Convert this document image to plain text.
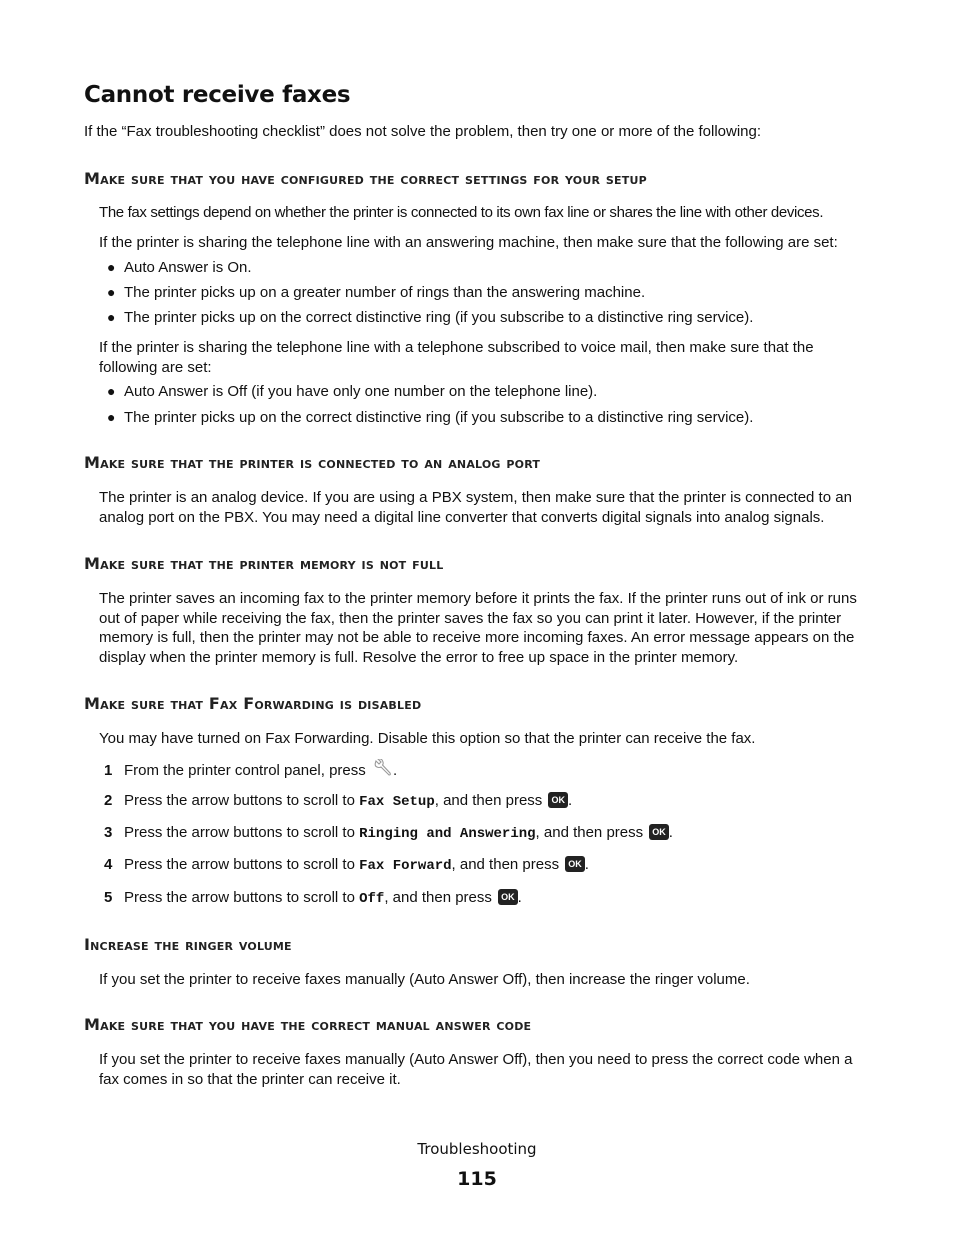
Cannot receive faxes

If the “Fax troubleshooting checklist” does not solve the problem, then try one or more of the following:

Make sure that you have configured the correct settings for your setup

The fax settings depend on whether the printer is connected to its own fax line or shares the line with other devices.

If the printer is sharing the telephone line with an answering machine, then make sure that the following are set:

● Auto Answer is On.
● The printer picks up on a greater number of rings than the answering machine.
● The printer picks up on the correct distinctive ring (if you subscribe to a distinctive ring service).

If the printer is sharing the telephone line with a telephone subscribed to voice mail, then make sure that the following are set:

● Auto Answer is Off (if you have only one number on the telephone line).
● The printer picks up on the correct distinctive ring (if you subscribe to a distinctive ring service).
Make sure that the printer is connected to an analog port

The printer is an analog device. If you are using a PBX system, then make sure that the printer is connected to an analog port on the PBX. You may need a digital line converter that converts digital signals into analog signals.

Make sure that the printer memory is not full

The printer saves an incoming fax to the printer memory before it prints the fax. If the printer runs out of ink or runs out of paper while receiving the fax, then the printer saves the fax so you can print it later. However, if the printer memory is full, then the printer may not be able to receive more incoming faxes. An error message appears on the display when the printer memory is full. Resolve the error to free up space in the printer memory.

Make sure that Fax Forwarding is disabled

You may have turned on Fax Forwarding. Disable this option so that the printer can receive the fax.

1 From the printer control panel, press .
2 Press the arrow buttons to scroll to Fax Setup, and then press OK .
3 Press the arrow buttons to scroll to Ringing and Answering, and then press OK .
4 Press the arrow buttons to scroll to Fax Forward, and then press OK .
5 Press the arrow buttons to scroll to Off, and then press OK .
Increase the ringer volume

If you set the printer to receive faxes manually (Auto Answer Off), then increase the ringer volume.

Make sure that you have the correct manual answer code

If you set the printer to receive faxes manually (Auto Answer Off), then you need to press the correct code when a fax comes in so that the printer can receive it.

Troubleshooting

115
